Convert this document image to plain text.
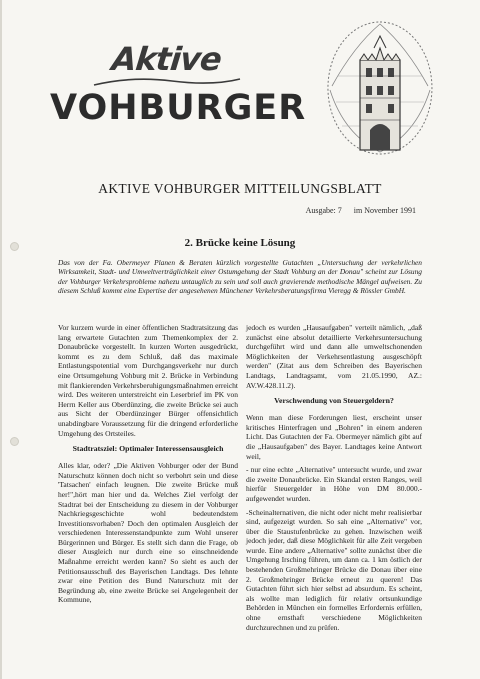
Aktive
VOHBURGER
AKTIVE VOHBURGER MITTEILUNGSBLATT
Ausgabe: 7 im November 1991
2. Brücke keine Lösung
Das von der Fa. Obermeyer Planen & Beraten kürzlich vorgestellte Gutachten „Untersuchung der verkehrlichen Wirksamkeit, Stadt- und Umweltverträglichkeit einer Ostumgehung der Stadt Vohburg an der Donau" scheint zur Lösung der Vohburger Verkehrsprobleme nahezu untauglich zu sein und soll auch gravierende methodische Mängel aufweisen. Zu diesem Schluß kommt eine Expertise der angesehenen Münchener Verkehrsberatungsfirma Vieregg & Rössler GmbH.

Vor kurzem wurde in einer öffentlichen Stadtratsitzung das lang erwartete Gutachten zum Themenkomplex der 2. Donaubrücke vorgestellt. In kurzen Worten ausgedrückt, kommt es zu dem Schluß, daß das maximale Entlastungspotential vom Durchgangsverkehr nur durch eine Ortsumgehung Vohburg mit 2. Brücke in Verbindung mit flankierenden Verkehrsberuhigungsmaßnahmen erreicht wird. Des weiteren unterstreicht ein Leserbrief im PK von Herrn Keller aus Oberdünzing, die zweite Brücke sei auch aus Sicht der Oberdünzinger Bürger offensichtlich unabdingbare Voraussetzung für die dringend erforderliche Umgehung des Ortsteiles.

Stadtratsziel: Optimaler Interessensausgleich

Alles klar, oder? „Die Aktiven Vohburger oder der Bund Naturschutz können doch nicht so verbohrt sein und diese 'Tatsachen' einfach leugnen. Die zweite Brücke muß her!",hört man hier und da. Welches Ziel verfolgt der Stadtrat bei der Entscheidung zu diesem in der Vohburger Nachkriegsgeschichte wohl bedeutendstem Investitionsvorhaben? Doch den optimalen Ausgleich der verschiedenen Interessenstandpunkte zum Wohl unserer Bürgerinnen und Bürger. Es stellt sich dann die Frage, ob dieser Ausgleich nur durch eine so einschneidende Maßnahme erreicht werden kann? So sieht es auch der Petitionsausschuß des Bayerischen Landtags. Des lehnte zwar eine Petition des Bund Naturschutz mit der Begründung ab, eine zweite Brücke sei Angelegenheit der Kommune,

jedoch es wurden „Hausaufgaben" verteilt nämlich, „daß zunächst eine absolut detaillierte Verkehrsuntersuchung durchgeführt wird und dann alle umweltschonenden Möglichkeiten der Verkehrsentlastung ausgeschöpft werden" (Zitat aus dem Schreiben des Bayerischen Landtags, Landtagsamt, vom 21.05.1990, AZ.: AV.W.428.11.2).

Verschwendung von Steuergeldern?

Wenn man diese Forderungen liest, erscheint unser kritisches Hinterfragen und „Bohren" in einem anderen Licht. Das Gutachten der Fa. Obermeyer nämlich gibt auf die „Hausaufgaben" des Bayer. Landtages keine Antwort weil,

- nur eine echte „Alternative" untersucht wurde, und zwar die zweite Donaubrücke. Ein Skandal ersten Ranges, weil hierfür Steuergelder in Höhe von DM 80.000.- aufgewendet wurden.

-Scheinalternativen, die nicht oder nicht mehr realisierbar sind, aufgezeigt wurden. So sah eine „Alternative" vor, über die Staustufenbrücke zu gehen. Inzwischen weiß jedoch jeder, daß diese Möglichkeit für alle Zeit vergeben wurde. Eine andere „Alternative" sollte zunächst über die Umgehung Irsching führen, um dann ca. 1 km östlich der bestehenden Großmehringer Brücke die Donau über eine 2. Großmehringer Brücke erneut zu queren! Das Gutachten führt sich hier selbst ad absurdum. Es scheint, als wollte man lediglich für relativ ortsunkundige Behörden in München ein formelles Erfordernis erfüllen, ohne ernsthaft verschiedene Möglichkeiten durchzurechnen und zu prüfen.
